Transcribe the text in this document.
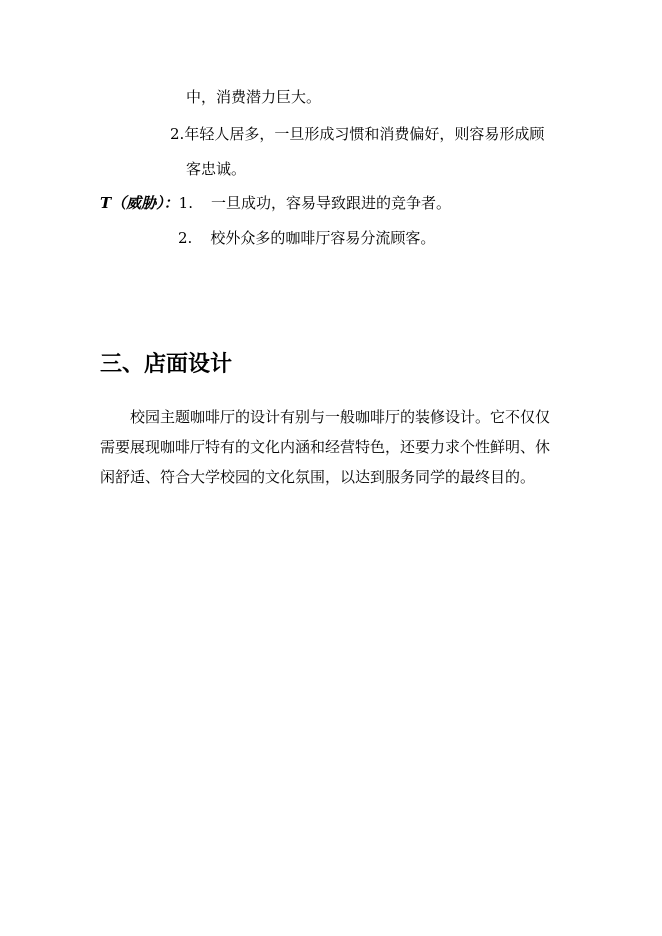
中，消费潜力巨大。
2.年轻人居多，一旦形成习惯和消费偏好，则容易形成顾
客忠诚。
T（威胁）：1. 一旦成功，容易导致跟进的竞争者。
2. 校外众多的咖啡厅容易分流顾客。
三、店面设计
校园主题咖啡厅的设计有别与一般咖啡厅的装修设计。它不仅仅需要展现咖啡厅特有的文化内涵和经营特色，还要力求个性鲜明、休闲舒适、符合大学校园的文化氛围，以达到服务同学的最终目的。
